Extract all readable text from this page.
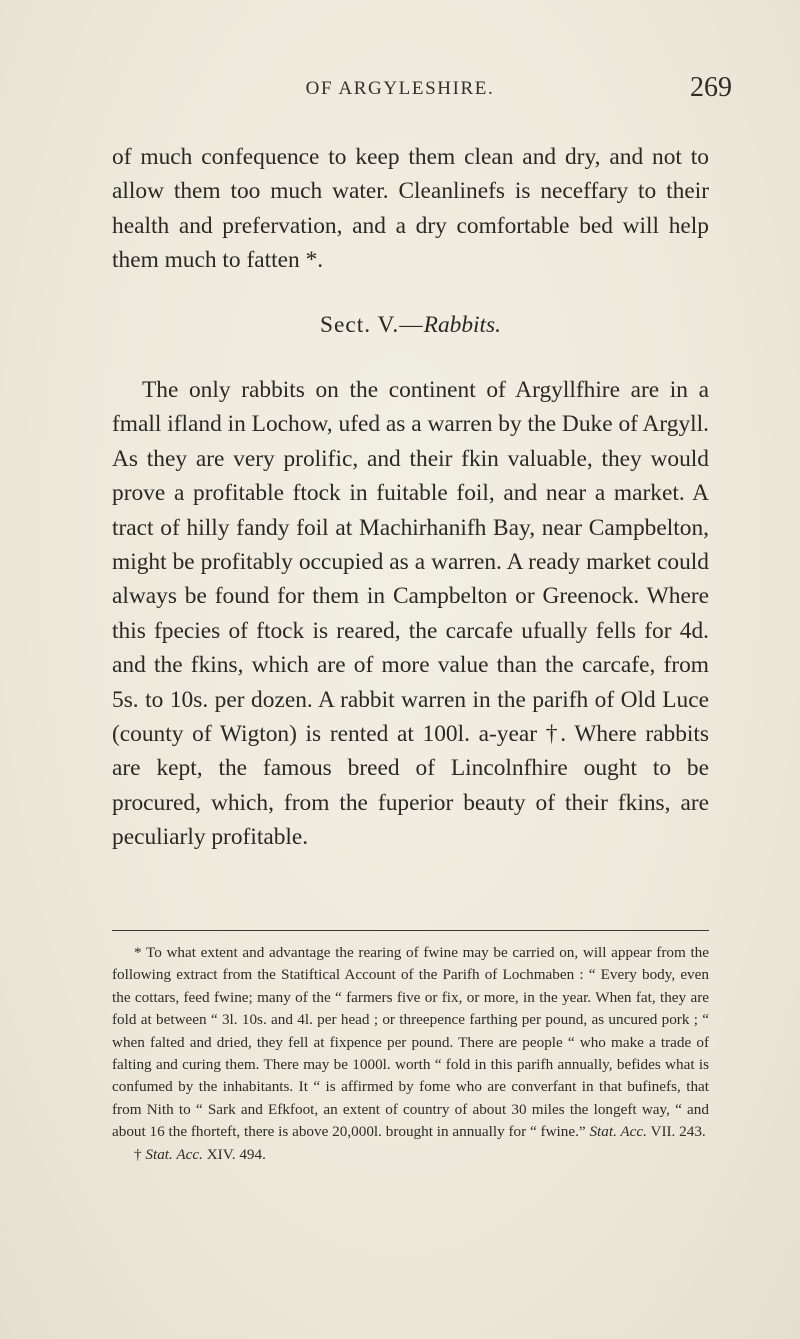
OF ARGYLESHIRE.	269

of much confequence to keep them clean and dry, and not to allow them too much water. Cleanlinefs is neceffary to their health and prefervation, and a dry comfortable bed will help them much to fatten *.

Sect. V.—Rabbits.

The only rabbits on the continent of Argyllfhire are in a fmall ifland in Lochow, ufed as a warren by the Duke of Argyll. As they are very prolific, and their fkin valuable, they would prove a profitable ftock in fuitable foil, and near a market. A tract of hilly fandy foil at Machirhanifh Bay, near Campbelton, might be profitably occupied as a warren. A ready market could always be found for them in Campbelton or Greenock. Where this fpecies of ftock is reared, the carcafe ufually fells for 4d. and the fkins, which are of more value than the carcafe, from 5s. to 10s. per dozen. A rabbit warren in the parifh of Old Luce (county of Wigton) is rented at 100l. a-year †. Where rabbits are kept, the famous breed of Lincolnfhire ought to be procured, which, from the fuperior beauty of their fkins, are peculiarly profitable.

* To what extent and advantage the rearing of fwine may be carried on, will appear from the following extract from the Statiftical Account of the Parifh of Lochmaben : “ Every body, even the cottars, feed fwine; many of the “ farmers five or fix, or more, in the year. When fat, they are fold at between “ 3l. 10s. and 4l. per head ; or threepence farthing per pound, as uncured pork ; “ when falted and dried, they fell at fixpence per pound. There are people “ who make a trade of falting and curing them. There may be 1000l. worth “ fold in this parifh annually, befides what is confumed by the inhabitants. It “ is affirmed by fome who are converfant in that bufinefs, that from Nith to “ Sark and Efkfoot, an extent of country of about 30 miles the longeft way, “ and about 16 the fhorteft, there is above 20,000l. brought in annually for “ fwine.” Stat. Acc. VII. 243.

† Stat. Acc. XIV. 494.
